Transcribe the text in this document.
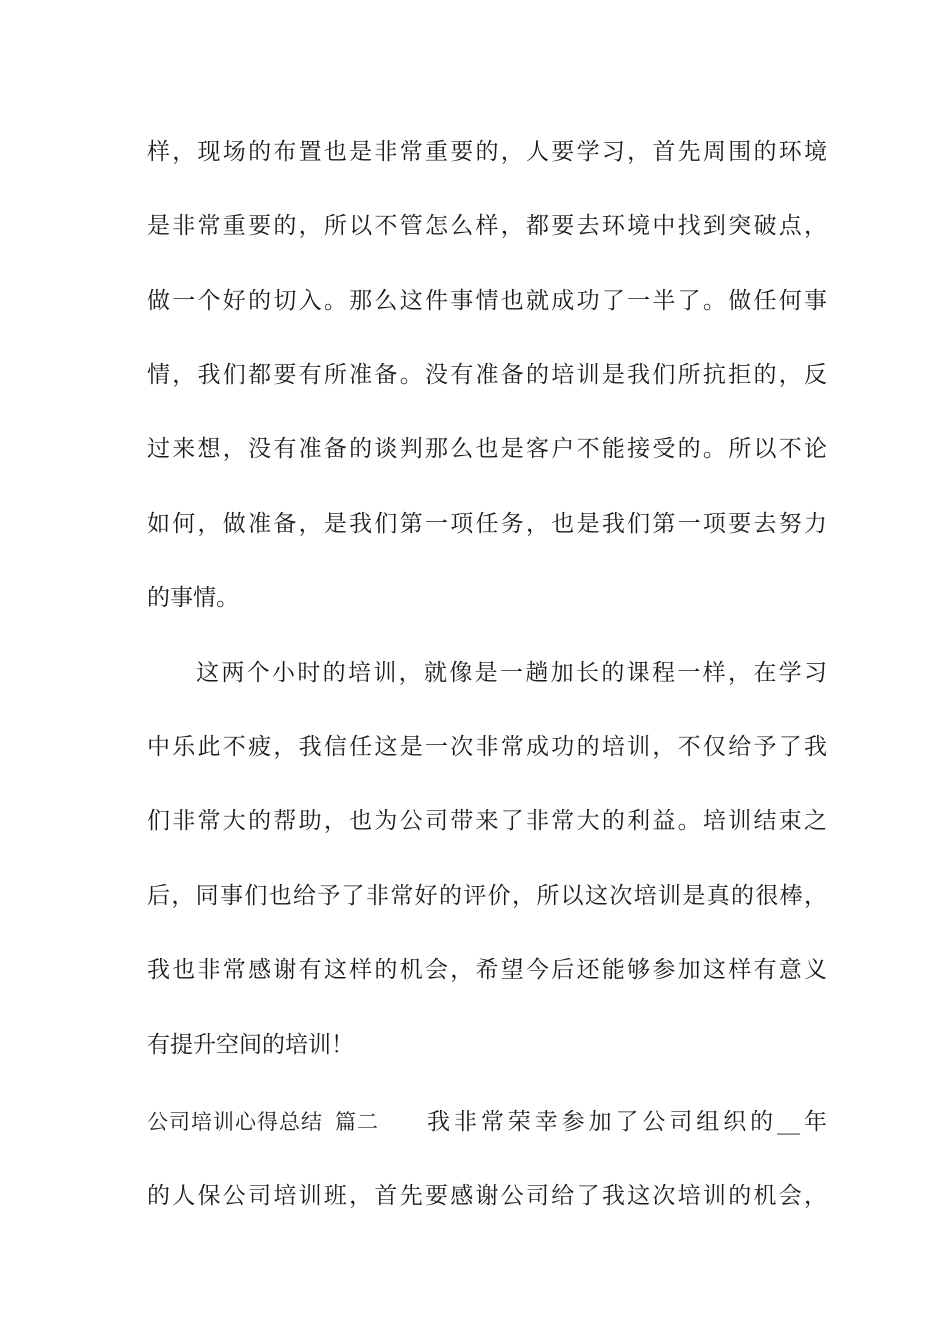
样，现场的布置也是非常重要的，人要学习，首先周围的环境
是非常重要的，所以不管怎么样，都要去环境中找到突破点，
做一个好的切入。那么这件事情也就成功了一半了。做任何事
情，我们都要有所准备。没有准备的培训是我们所抗拒的，反
过来想，没有准备的谈判那么也是客户不能接受的。所以不论
如何，做准备，是我们第一项任务，也是我们第一项要去努力
的事情。
这两个小时的培训，就像是一趟加长的课程一样，在学习
中乐此不疲，我信任这是一次非常成功的培训，不仅给予了我
们非常大的帮助，也为公司带来了非常大的利益。培训结束之
后，同事们也给予了非常好的评价，所以这次培训是真的很棒，
我也非常感谢有这样的机会，希望今后还能够参加这样有意义
有提升空间的培训！
公司培训心得总结 篇二 我非常荣幸参加了公司组织的__年
的人保公司培训班，首先要感谢公司给了我这次培训的机会，
